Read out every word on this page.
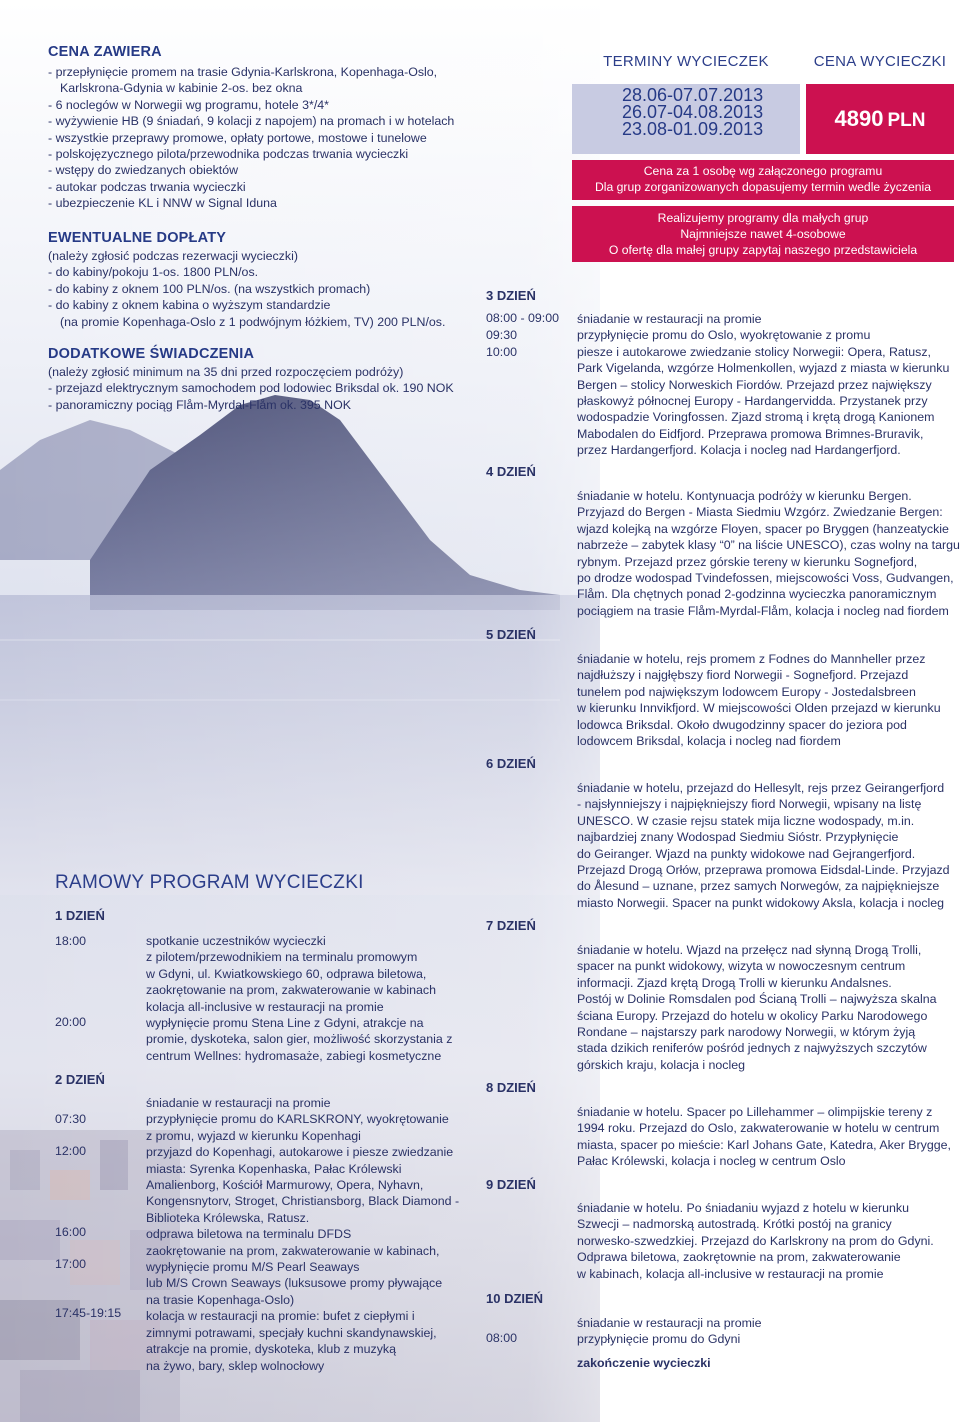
CENA ZAWIERA
- przepłynięcie promem na trasie Gdynia-Karlskrona, Kopenhaga-Oslo,
Karlskrona-Gdynia w kabinie 2-os. bez okna
- 6 noclegów w Norwegii wg programu, hotele 3*/4*
- wyżywienie HB (9 śniadań, 9 kolacji z napojem) na promach i w hotelach
- wszystkie przeprawy promowe, opłaty portowe, mostowe i tunelowe
- polskojęzycznego pilota/przewodnika podczas trwania wycieczki
- wstępy do zwiedzanych obiektów
- autokar podczas trwania wycieczki
- ubezpieczenie KL i NNW w Signal Iduna
EWENTUALNE DOPŁATY
(należy zgłosić podczas rezerwacji wycieczki)
- do kabiny/pokoju 1-os. 1800 PLN/os.
- do kabiny z oknem 100 PLN/os. (na wszystkich promach)
- do kabiny z oknem kabina o wyższym standardzie
(na promie Kopenhaga-Oslo z 1 podwójnym łóżkiem, TV) 200 PLN/os.
DODATKOWE ŚWIADCZENIA
(należy zgłosić minimum na 35 dni przed rozpoczęciem podróży)
- przejazd elektrycznym samochodem pod lodowiec Briksdal ok. 190 NOK
- panoramiczny pociąg Flåm-Myrdal-Flåm ok. 395 NOK
RAMOWY PROGRAM WYCIECZKI
1 DZIEŃ
18:00
20:00
spotkanie uczestników wycieczki
z pilotem/przewodnikiem na terminalu promowym
w Gdyni, ul. Kwiatkowskiego 60, odprawa biletowa,
zaokrętowanie na prom, zakwaterowanie w kabinach
kolacja all-inclusive w restauracji na promie
wypłynięcie promu Stena Line z Gdyni, atrakcje na
promie, dyskoteka, salon gier, możliwość skorzystania z
centrum Wellnes: hydromasaże, zabiegi kosmetyczne
2 DZIEŃ
07:30
12:00
16:00
17:00
17:45-19:15
śniadanie w restauracji na promie
przypłynięcie promu do KARLSKRONY, wyokrętowanie
z promu, wyjazd w kierunku Kopenhagi
przyjazd do Kopenhagi, autokarowe i piesze zwiedzanie
miasta: Syrenka Kopenhaska, Pałac Królewski
Amalienborg, Kościół Marmurowy, Opera, Nyhavn,
Kongensnytorv, Stroget, Christiansborg, Black Diamond -
Biblioteka Królewska, Ratusz.
odprawa biletowa na terminalu DFDS
zaokrętowanie na prom, zakwaterowanie w kabinach,
wypłynięcie promu M/S Pearl Seaways
lub M/S Crown Seaways (luksusowe promy pływające
na trasie Kopenhaga-Oslo)
kolacja w restauracji na promie: bufet z ciepłymi i
zimnymi potrawami, specjały kuchni skandynawskiej,
atrakcje na promie, dyskoteka, klub z muzyką
na żywo, bary, sklep wolnocłowy
TERMINY WYCIECZEK	CENA WYCIECZKI
28.06-07.07.2013
26.07-04.08.2013
23.08-01.09.2013	4890 PLN
Cena za 1 osobę wg załączonego programu
Dla grup zorganizowanych dopasujemy termin wedle życzenia
Realizujemy programy dla małych grup
Najmniejsze nawet 4-osobowe
O ofertę dla małej grupy zapytaj naszego przedstawiciela
3 DZIEŃ
08:00 - 09:00
09:30
10:00
śniadanie w restauracji na promie
przypłynięcie promu do Oslo, wyokrętowanie z promu
piesze i autokarowe zwiedzanie stolicy Norwegii: Opera, Ratusz,
Park Vigelanda, wzgórze Holmenkollen, wyjazd z miasta w kierunku
Bergen – stolicy Norweskich Fiordów. Przejazd przez największy
płaskowyż północnej Europy - Hardangervidda. Przystanek przy
wodospadzie Voringfossen. Zjazd stromą i krętą drogą Kanionem
Mabodalen do Eidfjord. Przeprawa promowa Brimnes-Bruravik,
przez Hardangerfjord. Kolacja i nocleg nad Hardangerfjord.
4 DZIEŃ
śniadanie w hotelu. Kontynuacja podróży w kierunku Bergen.
Przyjazd do Bergen - Miasta Siedmiu Wzgórz. Zwiedzanie Bergen:
wjazd kolejką na wzgórze Floyen, spacer po Bryggen (hanzeatyckie
nabrzeże – zabytek klasy “0” na liście UNESCO), czas wolny na targu
rybnym. Przejazd przez górskie tereny w kierunku Sognefjord,
po drodze wodospad Tvindefossen, miejscowości Voss, Gudvangen,
Flåm. Dla chętnych ponad 2-godzinna wycieczka panoramicznym
pociągiem na trasie Flåm-Myrdal-Flåm, kolacja i nocleg nad fiordem
5 DZIEŃ
śniadanie w hotelu, rejs promem z Fodnes do Mannheller przez
najdłuższy i najgłębszy fiord Norwegii - Sognefjord. Przejazd
tunelem pod największym lodowcem Europy - Jostedalsbreen
w kierunku Innvikfjord. W miejscowości Olden przejazd w kierunku
lodowca Briksdal. Około dwugodzinny spacer do jeziora pod
lodowcem Briksdal, kolacja i nocleg nad fiordem
6 DZIEŃ
śniadanie w hotelu, przejazd do Hellesylt, rejs przez Geirangerfjord
- najsłynniejszy i najpiękniejszy fiord Norwegii, wpisany na listę
UNESCO. W czasie rejsu statek mija liczne wodospady, m.in.
najbardziej znany Wodospad Siedmiu Sióstr. Przypłynięcie
do Geiranger. Wjazd na punkty widokowe nad Gejrangerfjord.
Przejazd Drogą Orłów, przeprawa promowa Eidsdal-Linde. Przyjazd
do Ålesund – uznane, przez samych Norwegów, za najpiękniejsze
miasto Norwegii. Spacer na punkt widokowy Aksla, kolacja i nocleg
7 DZIEŃ
śniadanie w hotelu. Wjazd na przełęcz nad słynną Drogą Trolli,
spacer na punkt widokowy, wizyta w nowoczesnym centrum
informacji. Zjazd krętą Drogą Trolli w kierunku Andalsnes.
Postój w Dolinie Romsdalen pod Ścianą Trolli – najwyższa skalna
ściana Europy. Przejazd do hotelu w okolicy Parku Narodowego
Rondane – najstarszy park narodowy Norwegii, w którym żyją
stada dzikich reniferów pośród jednych z najwyższych szczytów
górskich kraju, kolacja i nocleg
8 DZIEŃ
śniadanie w hotelu. Spacer po Lillehammer – olimpijskie tereny z
1994 roku. Przejazd do Oslo, zakwaterowanie w hotelu w centrum
miasta, spacer po mieście: Karl Johans Gate, Katedra, Aker Brygge,
Pałac Królewski, kolacja i nocleg w centrum Oslo
9 DZIEŃ
śniadanie w hotelu. Po śniadaniu wyjazd z hotelu w kierunku
Szwecji – nadmorską autostradą. Krótki postój na granicy
norwesko-szwedzkiej. Przejazd do Karlskrony na prom do Gdyni.
Odprawa biletowa, zaokrętownie na prom, zakwaterowanie
w kabinach, kolacja all-inclusive w restauracji na promie
10 DZIEŃ
08:00
śniadanie w restauracji na promie
przypłynięcie promu do Gdyni
zakończenie wycieczki
